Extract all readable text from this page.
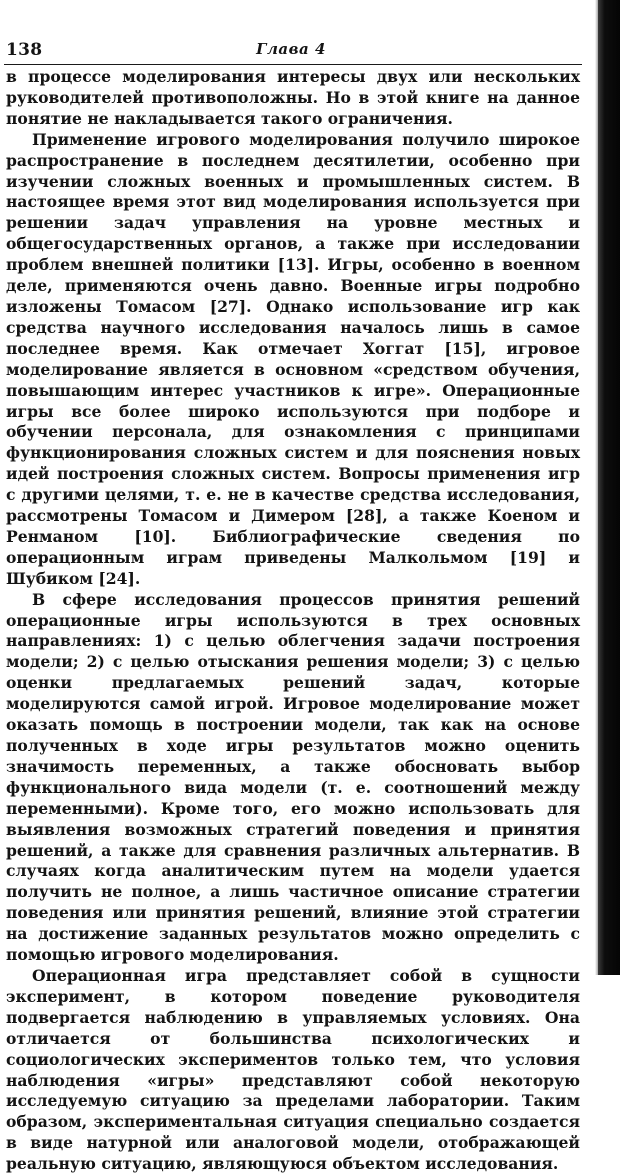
138	Глава 4

в процессе моделирования интересы двух или нескольких руководителей противоположны. Но в этой книге на данное понятие не накладывается такого ограничения.

Применение игрового моделирования получило широкое распространение в последнем десятилетии, особенно при изучении сложных военных и промышленных систем. В настоящее время этот вид моделирования используется при решении задач управления на уровне местных и общегосударственных органов, а также при исследовании проблем внешней политики [13]. Игры, особенно в военном деле, применяются очень давно. Военные игры подробно изложены Томасом [27]. Однако использование игр как средства научного исследования началось лишь в самое последнее время. Как отмечает Хоггат [15], игровое моделирование является в основном «средством обучения, повышающим интерес участников к игре». Операционные игры все более широко используются при подборе и обучении персонала, для ознакомления с принципами функционирования сложных систем и для пояснения новых идей построения сложных систем. Вопросы применения игр с другими целями, т. е. не в качестве средства исследования, рассмотрены Томасом и Димером [28], а также Коеном и Ренманом [10]. Библиографические сведения по операционным играм приведены Малкольмом [19] и Шубиком [24].

В сфере исследования процессов принятия решений операционные игры используются в трех основных направлениях: 1) с целью облегчения задачи построения модели; 2) с целью отыскания решения модели; 3) с целью оценки предлагаемых решений задач, которые моделируются самой игрой. Игровое моделирование может оказать помощь в построении модели, так как на основе полученных в ходе игры результатов можно оценить значимость переменных, а также обосновать выбор функционального вида модели (т. е. соотношений между переменными). Кроме того, его можно использовать для выявления возможных стратегий поведения и принятия решений, а также для сравнения различных альтернатив. В случаях когда аналитическим путем на модели удается получить не полное, а лишь частичное описание стратегии поведения или принятия решений, влияние этой стратегии на достижение заданных результатов можно определить с помощью игрового моделирования.

Операционная игра представляет собой в сущности эксперимент, в котором поведение руководителя подвергается наблюдению в управляемых условиях. Она отличается от большинства психологических и социологических экспериментов только тем, что условия наблюдения «игры» представляют собой некоторую исследуемую ситуацию за пределами лаборатории. Таким образом, экспериментальная ситуация специально создается в виде натурной или аналоговой модели, отображающей реальную ситуацию, являющуюся объектом исследования.
